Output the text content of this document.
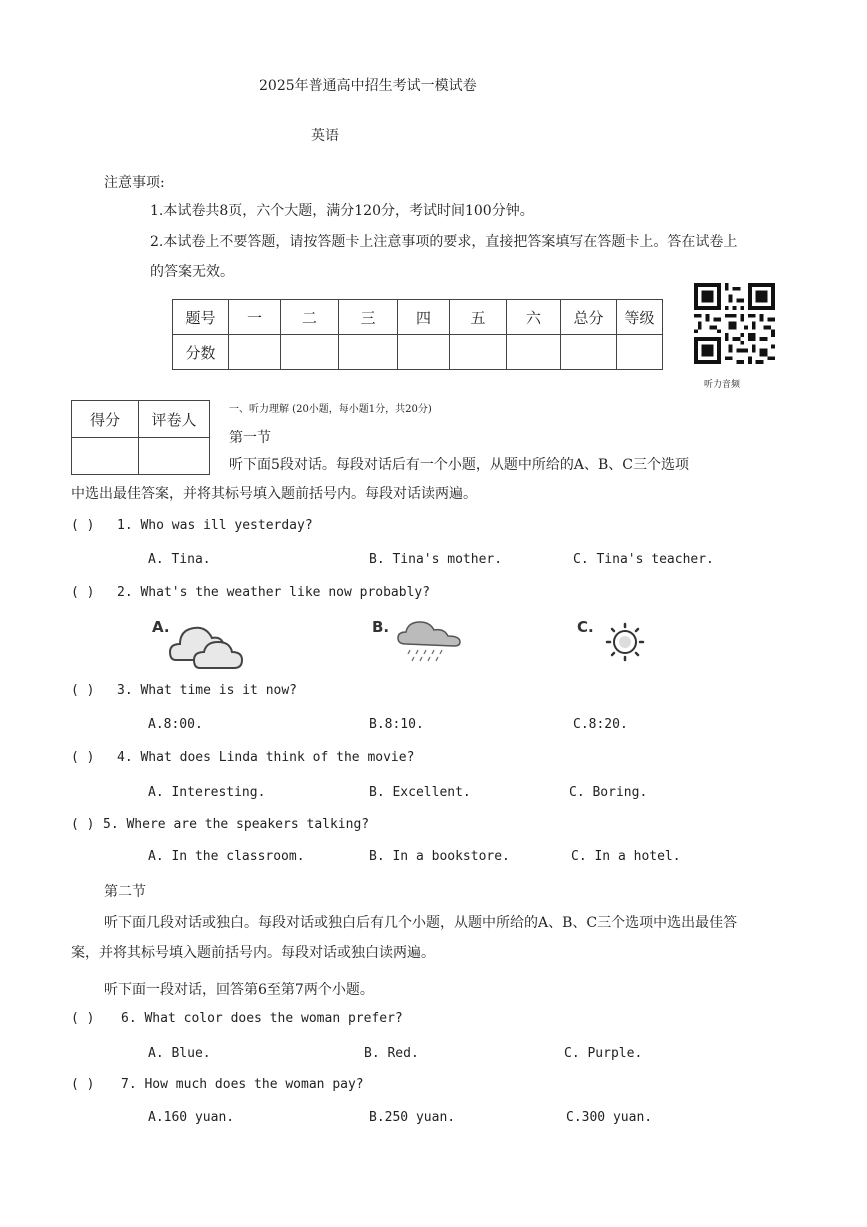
2025年普通高中招生考试一模试卷
英语
注意事项:
1.本试卷共8页，六个大题，满分120分，考试时间100分钟。
2.本试卷上不要答题，请按答题卡上注意事项的要求，直接把答案填写在答题卡上。答在试卷上
的答案无效。
题号	一	二	三	四	五	六	总分	等级
分数								
听力音频
得分	评卷人

一、听力理解 (20小题，每小题1分，共20分)
第一节
听下面5段对话。每段对话后有一个小题，从题中所给的A、B、C三个选项
中选出最佳答案，并将其标号填入题前括号内。每段对话读两遍。
( ) 1. Who was ill yesterday?
A. Tina.	B. Tina's mother.	C. Tina's teacher.
( ) 2. What's the weather like now probably?
A.	B.	C.
( ) 3. What time is it now?
A.8:00.	B.8:10.	C.8:20.
( ) 4. What does Linda think of the movie?
A. Interesting.	B. Excellent.	C. Boring.
( ) 5. Where are the speakers talking?
A. In the classroom.	B. In a bookstore.	C. In a hotel.
第二节
听下面几段对话或独白。每段对话或独白后有几个小题，从题中所给的A、B、C三个选项中选出最佳答
案，并将其标号填入题前括号内。每段对话或独白读两遍。
听下面一段对话，回答第6至第7两个小题。
( ) 6. What color does the woman prefer?
A. Blue.	B. Red.	C. Purple.
( ) 7. How much does the woman pay?
A.160 yuan.	B.250 yuan.	C.300 yuan.
